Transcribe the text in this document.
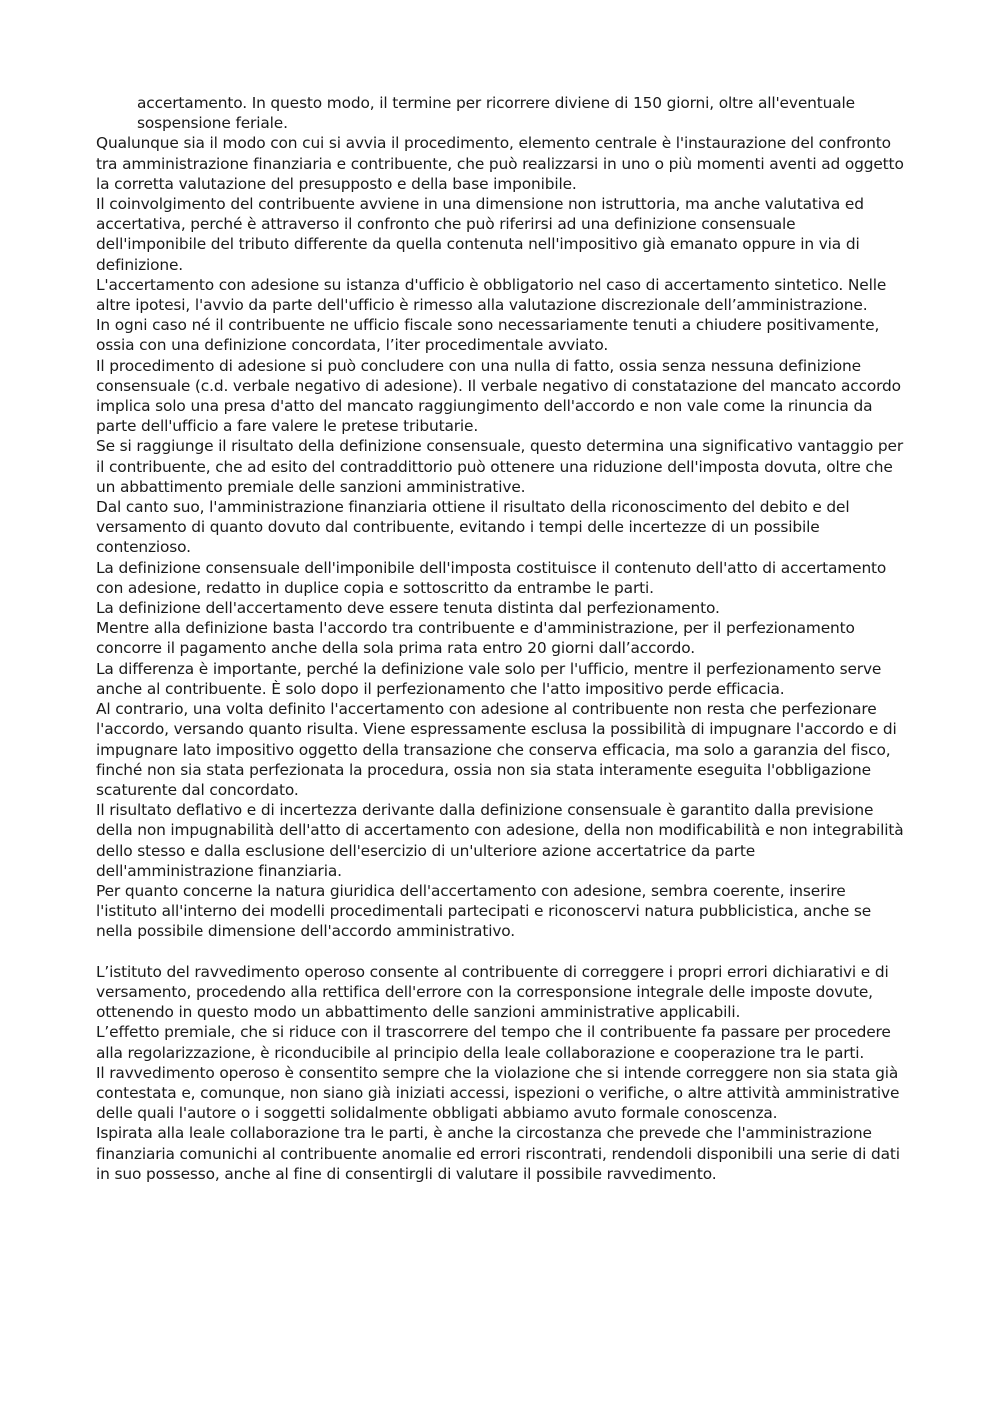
accertamento. In questo modo, il termine per ricorrere diviene di 150 giorni, oltre all'eventuale sospensione feriale.

Qualunque sia il modo con cui si avvia il procedimento, elemento centrale è l'instaurazione del confronto tra amministrazione finanziaria e contribuente, che può realizzarsi in uno o più momenti aventi ad oggetto la corretta valutazione del presupposto e della base imponibile.

Il coinvolgimento del contribuente avviene in una dimensione non istruttoria, ma anche valutativa ed accertativa, perché è attraverso il confronto che può riferirsi ad una definizione consensuale dell'imponibile del tributo differente da quella contenuta nell'impositivo già emanato oppure in via di definizione.

L'accertamento con adesione su istanza d'ufficio è obbligatorio nel caso di accertamento sintetico. Nelle altre ipotesi, l'avvio da parte dell'ufficio è rimesso alla valutazione discrezionale dell’amministrazione.

In ogni caso né il contribuente ne ufficio fiscale sono necessariamente tenuti a chiudere positivamente, ossia con una definizione concordata, l’iter procedimentale avviato.

Il procedimento di adesione si può concludere con una nulla di fatto, ossia senza nessuna definizione consensuale (c.d. verbale negativo di adesione). Il verbale negativo di constatazione del mancato accordo implica solo una presa d'atto del mancato raggiungimento dell'accordo e non vale come la rinuncia da parte dell'ufficio a fare valere le pretese tributarie.

Se si raggiunge il risultato della definizione consensuale, questo determina una significativo vantaggio per il contribuente, che ad esito del contraddittorio può ottenere una riduzione dell'imposta dovuta, oltre che un abbattimento premiale delle sanzioni amministrative.

Dal canto suo, l'amministrazione finanziaria ottiene il risultato della riconoscimento del debito e del versamento di quanto dovuto dal contribuente, evitando i tempi delle incertezze di un possibile contenzioso.

La definizione consensuale dell'imponibile dell'imposta costituisce il contenuto dell'atto di accertamento con adesione, redatto in duplice copia e sottoscritto da entrambe le parti.

La definizione dell'accertamento deve essere tenuta distinta dal perfezionamento.

Mentre alla definizione basta l'accordo tra contribuente e d'amministrazione, per il perfezionamento concorre il pagamento anche della sola prima rata entro 20 giorni dall’accordo.

La differenza è importante, perché la definizione vale solo per l'ufficio, mentre il perfezionamento serve anche al contribuente. È solo dopo il perfezionamento che l'atto impositivo perde efficacia.

Al contrario, una volta definito l'accertamento con adesione al contribuente non resta che perfezionare l'accordo, versando quanto risulta. Viene espressamente esclusa la possibilità di impugnare l'accordo e di impugnare lato impositivo oggetto della transazione che conserva efficacia, ma solo a garanzia del fisco, finché non sia stata perfezionata la procedura, ossia non sia stata interamente eseguita l'obbligazione scaturente dal concordato.

Il risultato deflativo e di incertezza derivante dalla definizione consensuale è garantito dalla previsione della non impugnabilità dell'atto di accertamento con adesione, della non modificabilità e non integrabilità dello stesso e dalla esclusione dell'esercizio di un'ulteriore azione accertatrice da parte dell'amministrazione finanziaria.

Per quanto concerne la natura giuridica dell'accertamento con adesione, sembra coerente, inserire l'istituto all'interno dei modelli procedimentali partecipati e riconoscervi natura pubblicistica, anche se nella possibile dimensione dell'accordo amministrativo.

L’istituto del ravvedimento operoso consente al contribuente di correggere i propri errori dichiarativi e di versamento, procedendo alla rettifica dell'errore con la corresponsione integrale delle imposte dovute, ottenendo in questo modo un abbattimento delle sanzioni amministrative applicabili.

L’effetto premiale, che si riduce con il trascorrere del tempo che il contribuente fa passare per procedere alla regolarizzazione, è riconducibile al principio della leale collaborazione e cooperazione tra le parti.

Il ravvedimento operoso è consentito sempre che la violazione che si intende correggere non sia stata già contestata e, comunque, non siano già iniziati accessi, ispezioni o verifiche, o altre attività amministrative delle quali l'autore o i soggetti solidalmente obbligati abbiamo avuto formale conoscenza.

Ispirata alla leale collaborazione tra le parti, è anche la circostanza che prevede che l'amministrazione finanziaria comunichi al contribuente anomalie ed errori riscontrati, rendendoli disponibili una serie di dati in suo possesso, anche al fine di consentirgli di valutare il possibile ravvedimento.
